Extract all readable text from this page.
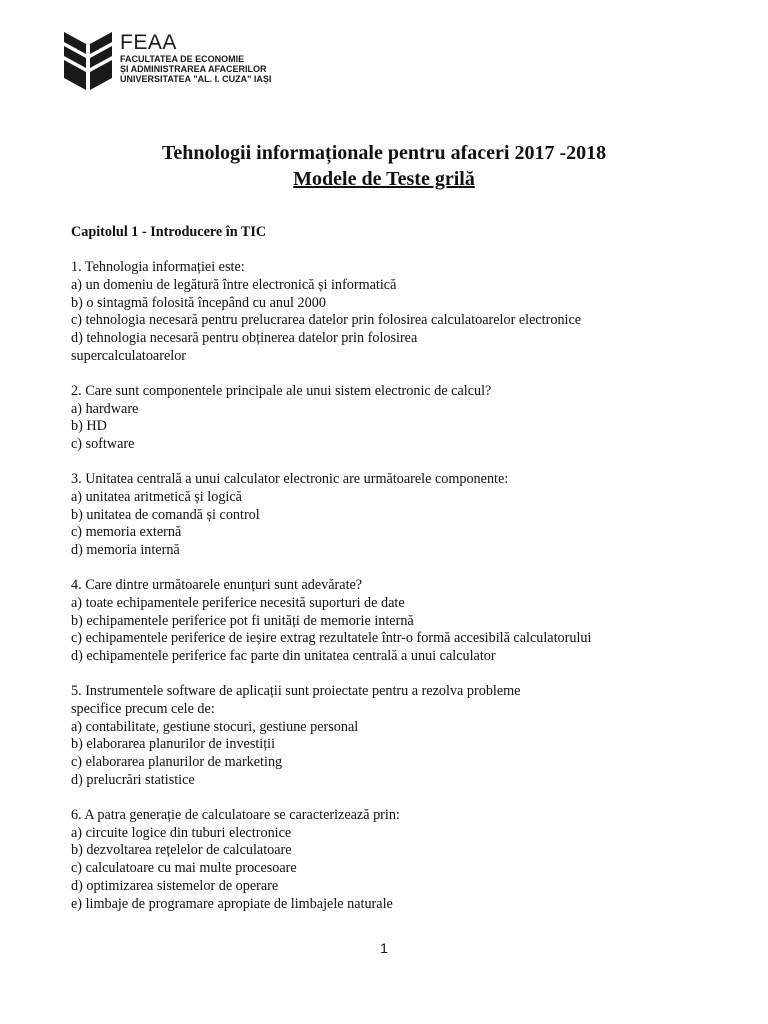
FEAA
FACULTATEA DE ECONOMIE
ȘI ADMINISTRAREA AFACERILOR
UNIVERSITATEA "AL. I. CUZA" IAȘI
Tehnologii informaționale pentru afaceri 2017 -2018
Modele de Teste grilă
Capitolul 1 - Introducere în TIC
1. Tehnologia informației este:
a) un domeniu de legătură între electronică și informatică
b) o sintagmă folosită începând cu anul 2000
c) tehnologia necesară pentru prelucrarea datelor prin folosirea calculatoarelor electronice
d) tehnologia necesară pentru obținerea datelor prin folosirea
supercalculatoarelor
2. Care sunt componentele principale ale unui sistem electronic de calcul?
a) hardware
b) HD
c) software
3. Unitatea centrală a unui calculator electronic are următoarele componente:
a) unitatea aritmetică și logică
b) unitatea de comandă și control
c) memoria externă
d) memoria internă
4. Care dintre următoarele enunțuri sunt adevărate?
a) toate echipamentele periferice necesită suporturi de date
b) echipamentele periferice pot fi unități de memorie internă
c) echipamentele periferice de ieșire extrag rezultatele într-o formă accesibilă calculatorului
d) echipamentele periferice fac parte din unitatea centrală a unui calculator
5. Instrumentele software de aplicații sunt proiectate pentru a rezolva probleme
specifice precum cele de:
a) contabilitate, gestiune stocuri, gestiune personal
b) elaborarea planurilor de investiții
c) elaborarea planurilor de marketing
d) prelucrări statistice
6. A patra generație de calculatoare se caracterizează prin:
a) circuite logice din tuburi electronice
b) dezvoltarea rețelelor de calculatoare
c) calculatoare cu mai multe procesoare
d) optimizarea sistemelor de operare
e) limbaje de programare apropiate de limbajele naturale
1
